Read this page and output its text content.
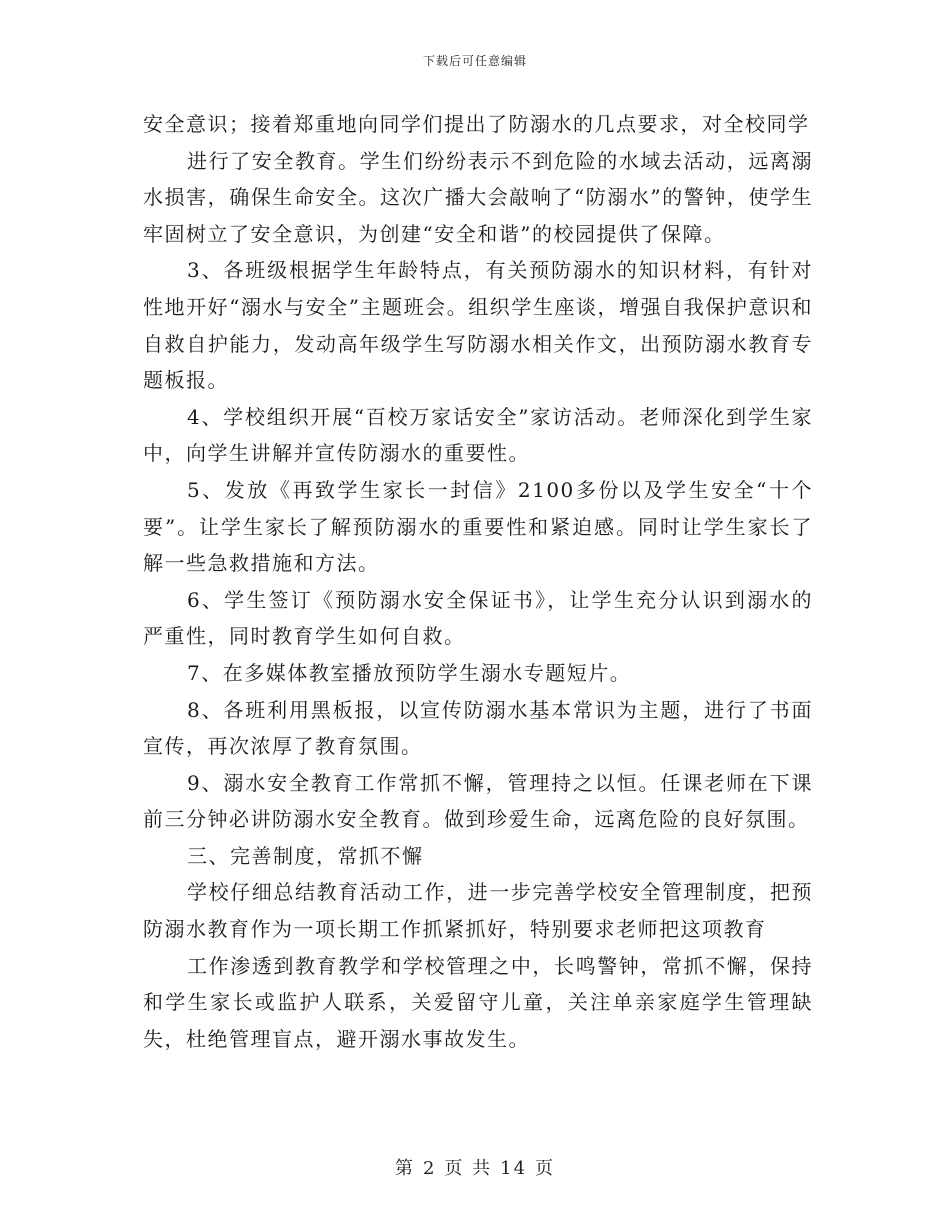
下载后可任意编辑

安全意识；接着郑重地向同学们提出了防溺水的几点要求，对全校同学

进行了安全教育。学生们纷纷表示不到危险的水域去活动，远离溺水损害，确保生命安全。这次广播大会敲响了“防溺水”的警钟，使学生牢固树立了安全意识，为创建“安全和谐”的校园提供了保障。

3、各班级根据学生年龄特点，有关预防溺水的知识材料，有针对性地开好“溺水与安全”主题班会。组织学生座谈，增强自我保护意识和自救自护能力，发动高年级学生写防溺水相关作文，出预防溺水教育专题板报。

4、学校组织开展“百校万家话安全”家访活动。老师深化到学生家中，向学生讲解并宣传防溺水的重要性。

5、发放《再致学生家长一封信》2100多份以及学生安全“十个要”。让学生家长了解预防溺水的重要性和紧迫感。同时让学生家长了解一些急救措施和方法。

6、学生签订《预防溺水安全保证书》，让学生充分认识到溺水的严重性，同时教育学生如何自救。

7、在多媒体教室播放预防学生溺水专题短片。

8、各班利用黑板报，以宣传防溺水基本常识为主题，进行了书面宣传，再次浓厚了教育氛围。

9、溺水安全教育工作常抓不懈，管理持之以恒。任课老师在下课前三分钟必讲防溺水安全教育。做到珍爱生命，远离危险的良好氛围。

三、完善制度，常抓不懈

学校仔细总结教育活动工作，进一步完善学校安全管理制度，把预防溺水教育作为一项长期工作抓紧抓好，特别要求老师把这项教育

工作渗透到教育教学和学校管理之中，长鸣警钟，常抓不懈，保持和学生家长或监护人联系，关爱留守儿童，关注单亲家庭学生管理缺失，杜绝管理盲点，避开溺水事故发生。

第 2 页 共 14 页
